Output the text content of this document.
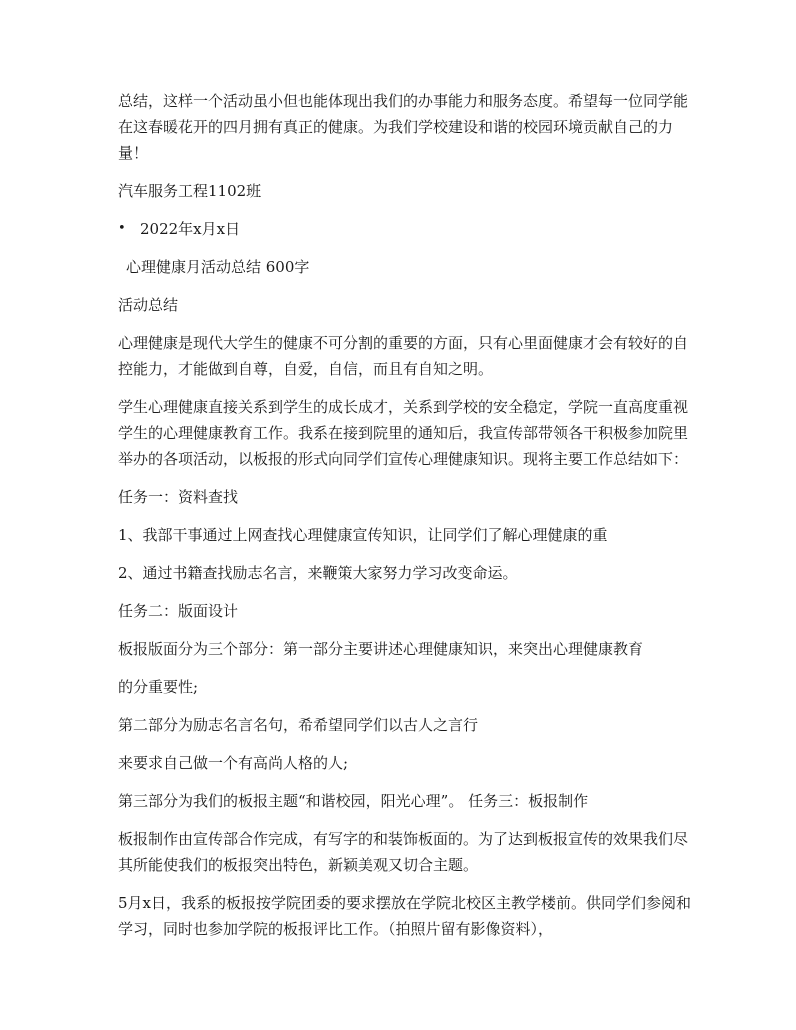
总结，这样一个活动虽小但也能体现出我们的办事能力和服务态度。希望每一位同学能在这春暖花开的四月拥有真正的健康。为我们学校建设和谐的校园环境贡献自己的力量！

汽车服务工程1102班

• 2022年x月x日

心理健康月活动总结 600字

活动总结

心理健康是现代大学生的健康不可分割的重要的方面，只有心里面健康才会有较好的自控能力，才能做到自尊，自爱，自信，而且有自知之明。

学生心理健康直接关系到学生的成长成才，关系到学校的安全稳定，学院一直高度重视学生的心理健康教育工作。我系在接到院里的通知后，我宣传部带领各干积极参加院里举办的各项活动，以板报的形式向同学们宣传心理健康知识。现将主要工作总结如下：

任务一：资料查找

1、我部干事通过上网查找心理健康宣传知识，让同学们了解心理健康的重

2、通过书籍查找励志名言，来鞭策大家努力学习改变命运。

任务二：版面设计

板报版面分为三个部分：第一部分主要讲述心理健康知识，来突出心理健康教育

的分重要性;

第二部分为励志名言名句，希希望同学们以古人之言行

来要求自己做一个有高尚人格的人;

第三部分为我们的板报主题“和谐校园，阳光心理”。 任务三：板报制作

板报制作由宣传部合作完成，有写字的和装饰板面的。为了达到板报宣传的效果我们尽其所能使我们的板报突出特色，新颖美观又切合主题。

5月x日，我系的板报按学院团委的要求摆放在学院北校区主教学楼前。供同学们参阅和学习，同时也参加学院的板报评比工作。（拍照片留有影像资料），
